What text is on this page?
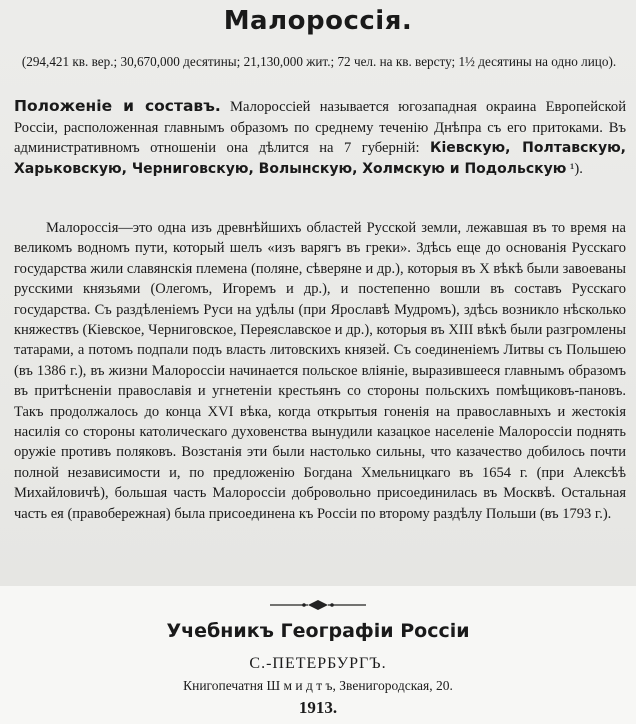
Малороссія.
(294,421 кв. вер.; 30,670,000 десятины; 21,130,000 жит.; 72 чел. на кв. версту; 1½ десятины на одно лицо).
Положеніе и составъ. Малороссіей называется югозападная окраина Европейской Россіи, расположенная главнымъ образомъ по среднему теченію Днѣпра съ его притоками. Въ административномъ отношеніи она дѣлится на 7 губерній: Кіевскую, Полтавскую, Харьковскую, Черниговскую, Волынскую, Холмскую и Подольскую ¹).
Малороссія—это одна изъ древнѣйшихъ областей Русской земли, лежавшая въ то время на великомъ водномъ пути, который шелъ «изъ варягъ въ греки». Здѣсь еще до основанія Русскаго государства жили славянскія племена (поляне, сѣверяне и др.), которыя въ X вѣкѣ были завоеваны русскими князьями (Олегомъ, Игоремъ и др.), и постепенно вошли въ составъ Русскаго государства. Съ раздѣленіемъ Руси на удѣлы (при Ярославѣ Мудромъ), здѣсь возникло нѣсколько княжествъ (Кіевское, Черниговское, Переяславское и др.), которыя въ XIII вѣкѣ были разгромлены татарами, а потомъ подпали подъ власть литовскихъ князей. Съ соединеніемъ Литвы съ Польшею (въ 1386 г.), въ жизни Малороссіи начинается польское вліяніе, выразившееся главнымъ образомъ въ притѣсненіи православія и угнетеніи крестьянъ со стороны польскихъ помѣщиковъ-пановъ. Такъ продолжалось до конца XVI вѣка, когда открытыя гоненія на православныхъ и жестокія насилія со стороны католическаго духовенства вынудили казацкое населеніе Малороссіи поднять оружіе противъ поляковъ. Возстанія эти были настолько сильны, что казачество добилось почти полной независимости и, по предложенію Богдана Хмельницкаго въ 1654 г. (при Алексѣѣ Михайловичѣ), большая часть Малороссіи добровольно присоединилась въ Москвѣ. Остальная часть ея (правобережная) была присоединена къ Россіи по второму раздѣлу Польши (въ 1793 г.).
Учебникъ Географіи Россіи
С.-ПЕТЕРБУРГЪ.
Книгопечатня Ш м и д т ъ, Звенигородская, 20.
1913.
